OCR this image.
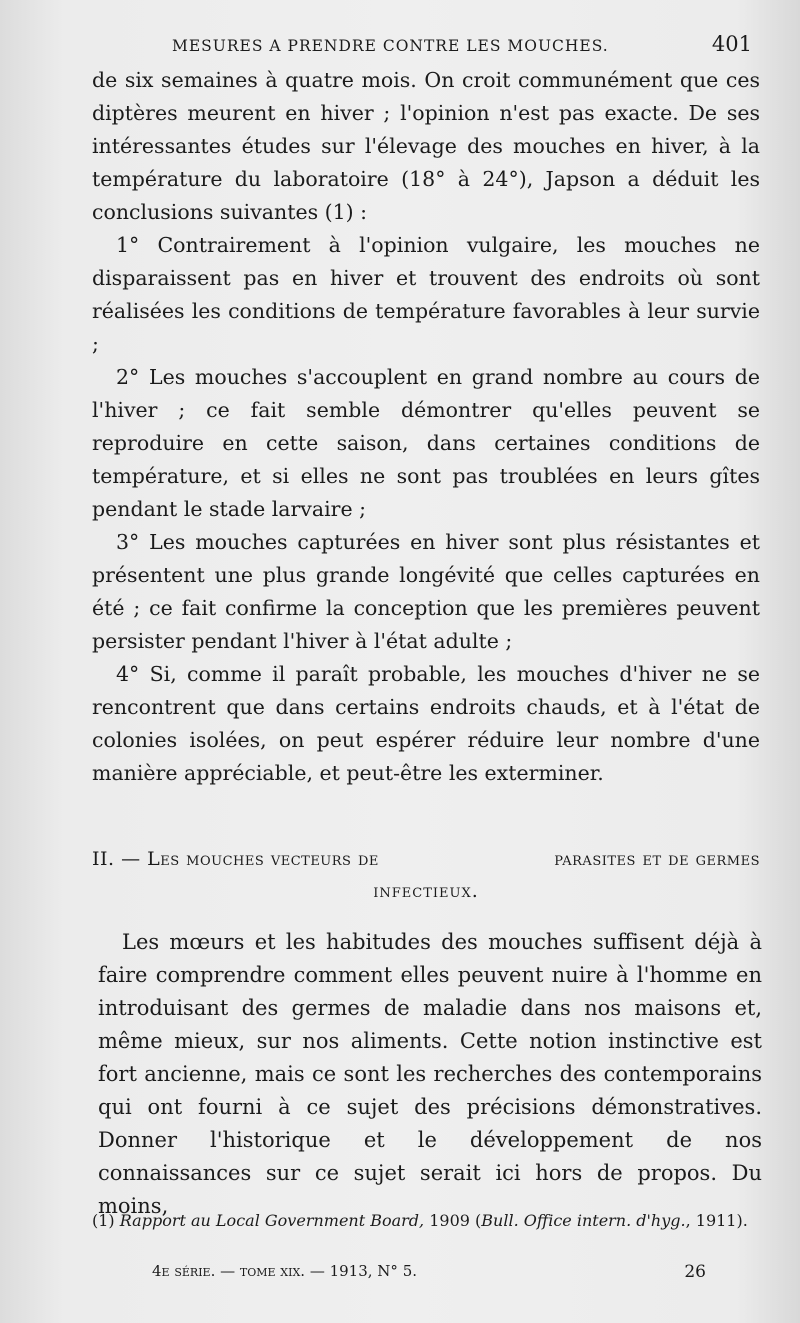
MESURES A PRENDRE CONTRE LES MOUCHES.	401

de six semaines à quatre mois. On croit communément que ces diptères meurent en hiver ; l'opinion n'est pas exacte. De ses intéressantes études sur l'élevage des mouches en hiver, à la température du laboratoire (18° à 24°), Japson a déduit les conclusions suivantes (1) :

1° Contrairement à l'opinion vulgaire, les mouches ne disparaissent pas en hiver et trouvent des endroits où sont réalisées les conditions de température favorables à leur survie ;

2° Les mouches s'accouplent en grand nombre au cours de l'hiver ; ce fait semble démontrer qu'elles peuvent se reproduire en cette saison, dans certaines conditions de température, et si elles ne sont pas troublées en leurs gîtes pendant le stade larvaire ;

3° Les mouches capturées en hiver sont plus résistantes et présentent une plus grande longévité que celles capturées en été ; ce fait confirme la conception que les premières peuvent persister pendant l'hiver à l'état adulte ;

4° Si, comme il paraît probable, les mouches d'hiver ne se rencontrent que dans certains endroits chauds, et à l'état de colonies isolées, on peut espérer réduire leur nombre d'une manière appréciable, et peut-être les exterminer.

II. — Les mouches vecteurs de	parasites et de germes
infectieux.

Les mœurs et les habitudes des mouches suffisent déjà à faire comprendre comment elles peuvent nuire à l'homme en introduisant des germes de maladie dans nos maisons et, même mieux, sur nos aliments. Cette notion instinctive est fort ancienne, mais ce sont les recherches des contemporains qui ont fourni à ce sujet des précisions démonstratives. Donner l'historique et le développement de nos connaissances sur ce sujet serait ici hors de propos. Du moins,

(1) Rapport au Local Government Board, 1909 (Bull. Office intern. d'hyg., 1911).
4e série. — tome xix. — 1913, N° 5.	26
